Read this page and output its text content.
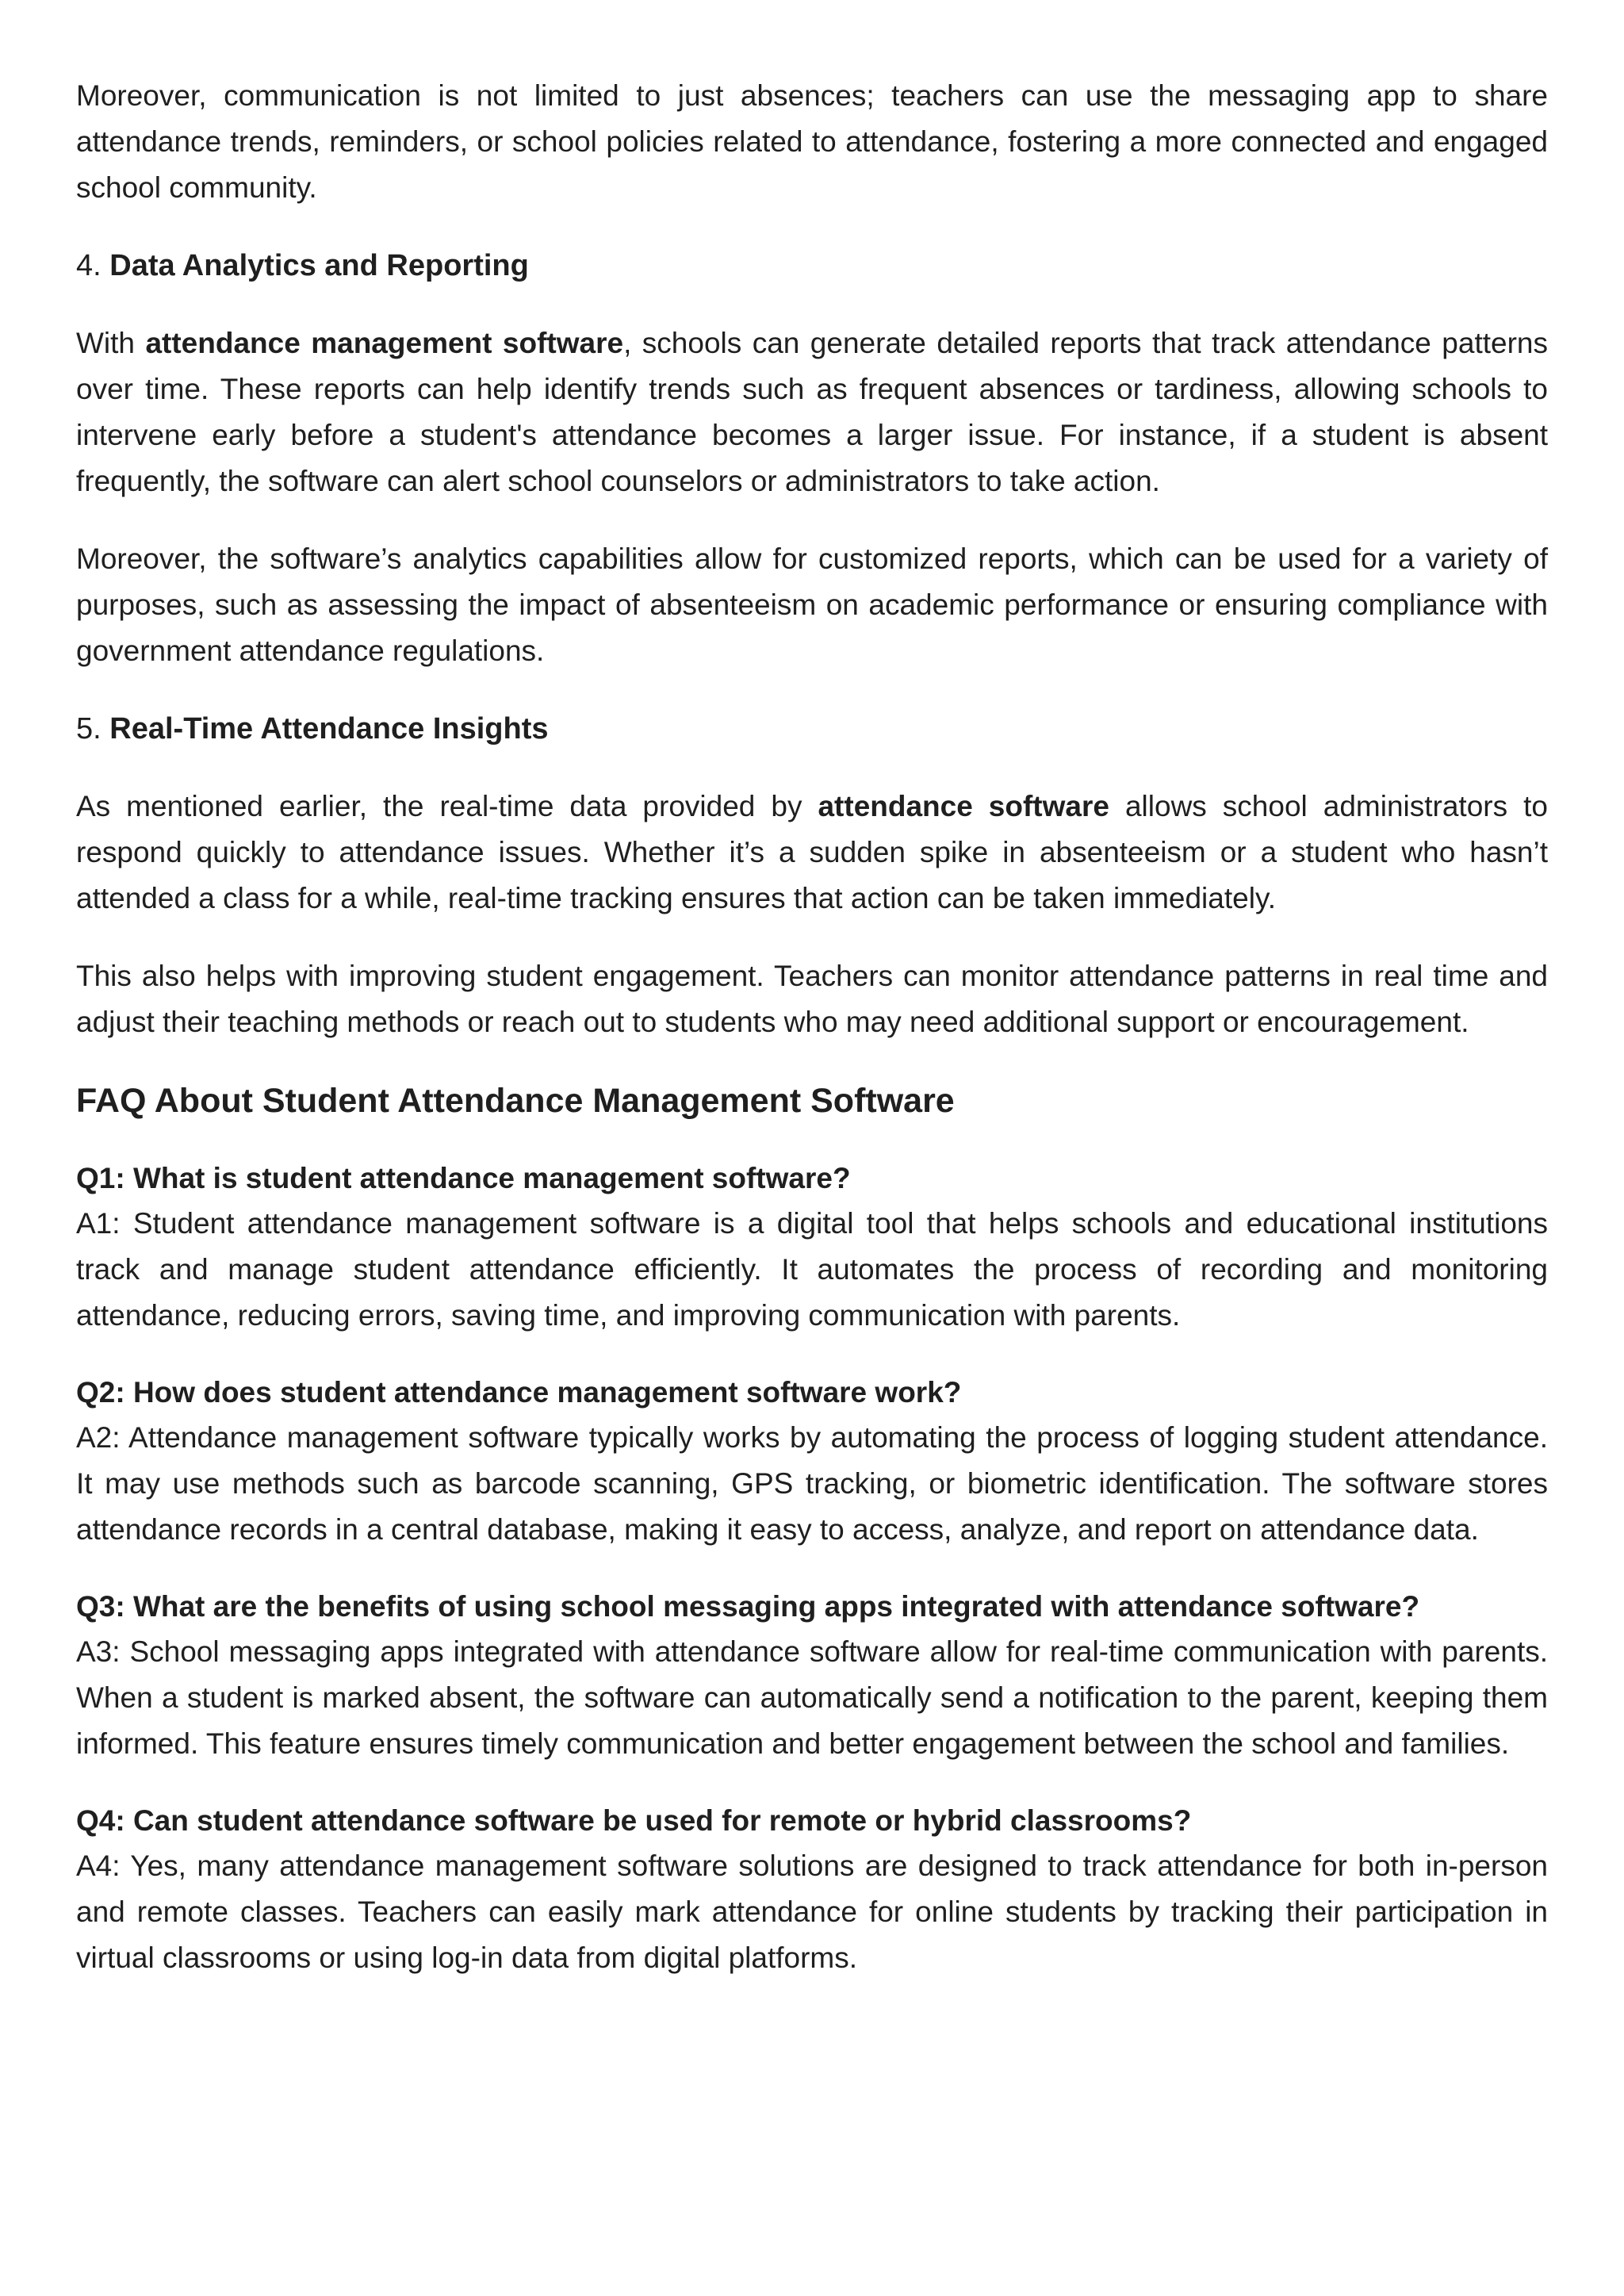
Moreover, communication is not limited to just absences; teachers can use the messaging app to share attendance trends, reminders, or school policies related to attendance, fostering a more connected and engaged school community.

4. Data Analytics and Reporting

With attendance management software, schools can generate detailed reports that track attendance patterns over time. These reports can help identify trends such as frequent absences or tardiness, allowing schools to intervene early before a student's attendance becomes a larger issue. For instance, if a student is absent frequently, the software can alert school counselors or administrators to take action.

Moreover, the software’s analytics capabilities allow for customized reports, which can be used for a variety of purposes, such as assessing the impact of absenteeism on academic performance or ensuring compliance with government attendance regulations.

5. Real-Time Attendance Insights

As mentioned earlier, the real-time data provided by attendance software allows school administrators to respond quickly to attendance issues. Whether it’s a sudden spike in absenteeism or a student who hasn’t attended a class for a while, real-time tracking ensures that action can be taken immediately.

This also helps with improving student engagement. Teachers can monitor attendance patterns in real time and adjust their teaching methods or reach out to students who may need additional support or encouragement.

FAQ About Student Attendance Management Software

Q1: What is student attendance management software?

A1: Student attendance management software is a digital tool that helps schools and educational institutions track and manage student attendance efficiently. It automates the process of recording and monitoring attendance, reducing errors, saving time, and improving communication with parents.

Q2: How does student attendance management software work?

A2: Attendance management software typically works by automating the process of logging student attendance. It may use methods such as barcode scanning, GPS tracking, or biometric identification. The software stores attendance records in a central database, making it easy to access, analyze, and report on attendance data.

Q3: What are the benefits of using school messaging apps integrated with attendance software?

A3: School messaging apps integrated with attendance software allow for real-time communication with parents. When a student is marked absent, the software can automatically send a notification to the parent, keeping them informed. This feature ensures timely communication and better engagement between the school and families.

Q4: Can student attendance software be used for remote or hybrid classrooms?

A4: Yes, many attendance management software solutions are designed to track attendance for both in-person and remote classes. Teachers can easily mark attendance for online students by tracking their participation in virtual classrooms or using log-in data from digital platforms.
